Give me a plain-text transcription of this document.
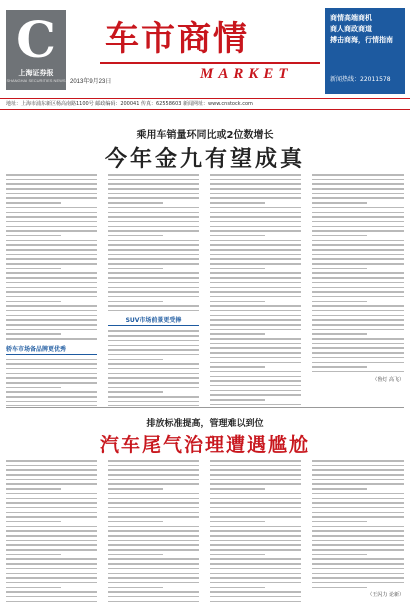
C
上海证券报
SHANGHAI SECURITIES NEWS 2013年9月23日
车市商情
MARKET
商情高端商机
商人商政商道
搏击商海，行情指南
新闻热线：22011578
地址：上海市浦东新区杨高南路1100号 邮政编码：200041 传真：62558603 新闻网址：www.cnstock.com
乘用车销量环同比或2位数增长
今年金九有望成真
轿车市场备品牌更优秀
SUV市场前景更受捧
（鲁灯 高飞）
排放标准提高，管理难以到位
汽车尾气治理遭遇尴尬
（王闪力 论新）
